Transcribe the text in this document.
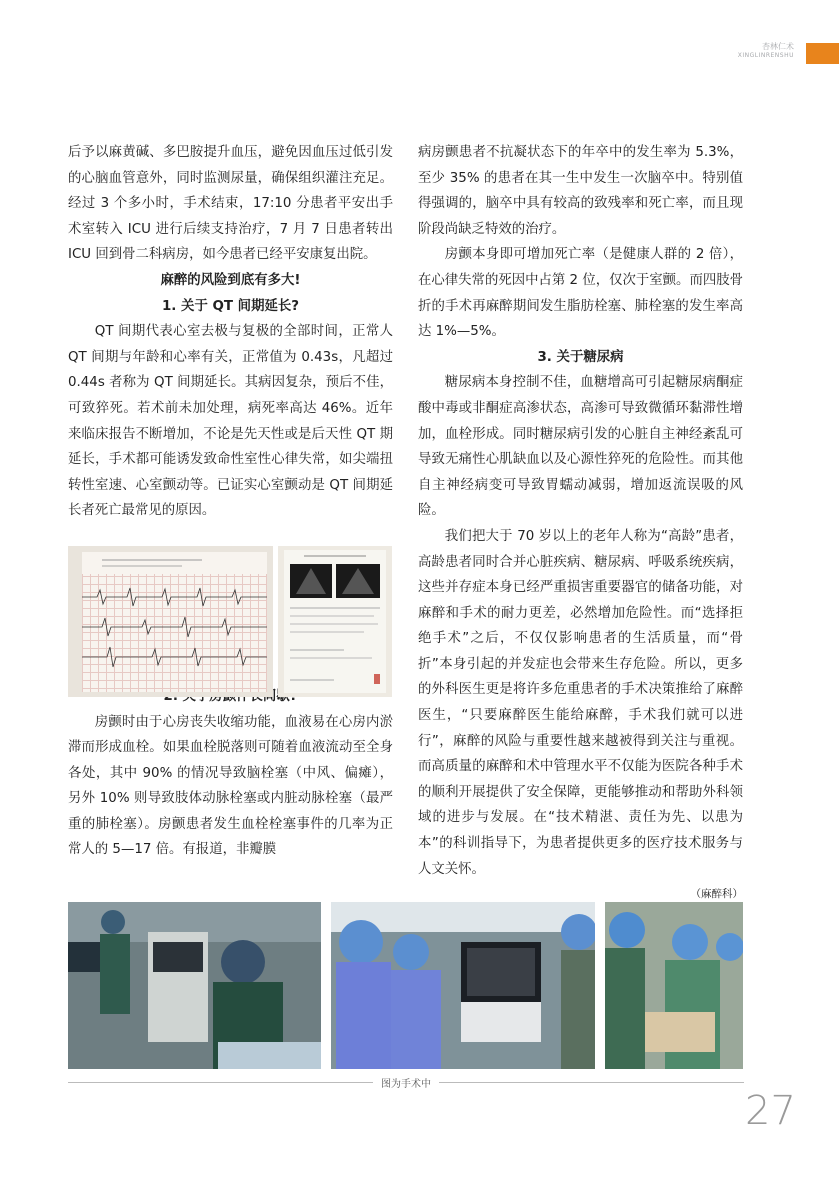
杏林仁术
XINGLINRENSHU

后予以麻黄碱、多巴胺提升血压，避免因血压过低引发的心脑血管意外，同时监测尿量，确保组织灌注充足。经过 3 个多小时，手术结束，17:10 分患者平安出手术室转入 ICU 进行后续支持治疗，7 月 7 日患者转出 ICU 回到骨二科病房，如今患者已经平安康复出院。

麻醉的风险到底有多大!
1. 关于 QT 间期延长?

QT 间期代表心室去极与复极的全部时间，正常人 QT 间期与年龄和心率有关，正常值为 0.43s，凡超过 0.44s 者称为 QT 间期延长。其病因复杂，预后不佳，可致猝死。若术前未加处理，病死率高达 46%。近年来临床报告不断增加，不论是先天性或是后天性 QT 期延长，手术都可能诱发致命性室性心律失常，如尖端扭转性室速、心室颤动等。已证实心室颤动是 QT 间期延长者死亡最常见的原因。

房颤时由于心房丧失收缩功能，血液易在心房内淤滞而形成血栓。如果血栓脱落则可随着血液流动至全身各处，其中 90% 的情况导致脑栓塞（中风、偏瘫），另外 10% 则导致肢体动脉栓塞或内脏动脉栓塞（最严重的肺栓塞）。房颤患者发生血栓栓塞事件的几率为正常人的 5—17 倍。有报道，非瓣膜

病房颤患者不抗凝状态下的年卒中的发生率为 5.3%，至少 35% 的患者在其一生中发生一次脑卒中。特别值得强调的，脑卒中具有较高的致残率和死亡率，而且现阶段尚缺乏特效的治疗。

房颤本身即可增加死亡率（是健康人群的 2 倍），在心律失常的死因中占第 2 位，仅次于室颤。而四肢骨折的手术再麻醉期间发生脂肪栓塞、肺栓塞的发生率高达 1%—5%。

3. 关于糖尿病

糖尿病本身控制不佳，血糖增高可引起糖尿病酮症酸中毒或非酮症高渗状态，高渗可导致微循环黏滞性增加，血栓形成。同时糖尿病引发的心脏自主神经紊乱可导致无痛性心肌缺血以及心源性猝死的危险性。而其他自主神经病变可导致胃蠕动减弱，增加返流误吸的风险。

我们把大于 70 岁以上的老年人称为“高龄”患者，高龄患者同时合并心脏疾病、糖尿病、呼吸系统疾病，这些并存症本身已经严重损害重要器官的储备功能，对麻醉和手术的耐力更差，必然增加危险性。而“选择拒绝手术”之后，不仅仅影响患者的生活质量，而“骨折”本身引起的并发症也会带来生存危险。所以，更多的外科医生更是将许多危重患者的手术决策推给了麻醉医生，“只要麻醉医生能给麻醉，手术我们就可以进行”，麻醉的风险与重要性越来越被得到关注与重视。而高质量的麻醉和术中管理水平不仅能为医院各种手术的顺利开展提供了安全保障，更能够推动和帮助外科领域的进步与发展。在“技术精湛、责任为先、以患为本”的科训指导下，为患者提供更多的医疗技术服务与人文关怀。

（麻醉科）
图为手术中
27
